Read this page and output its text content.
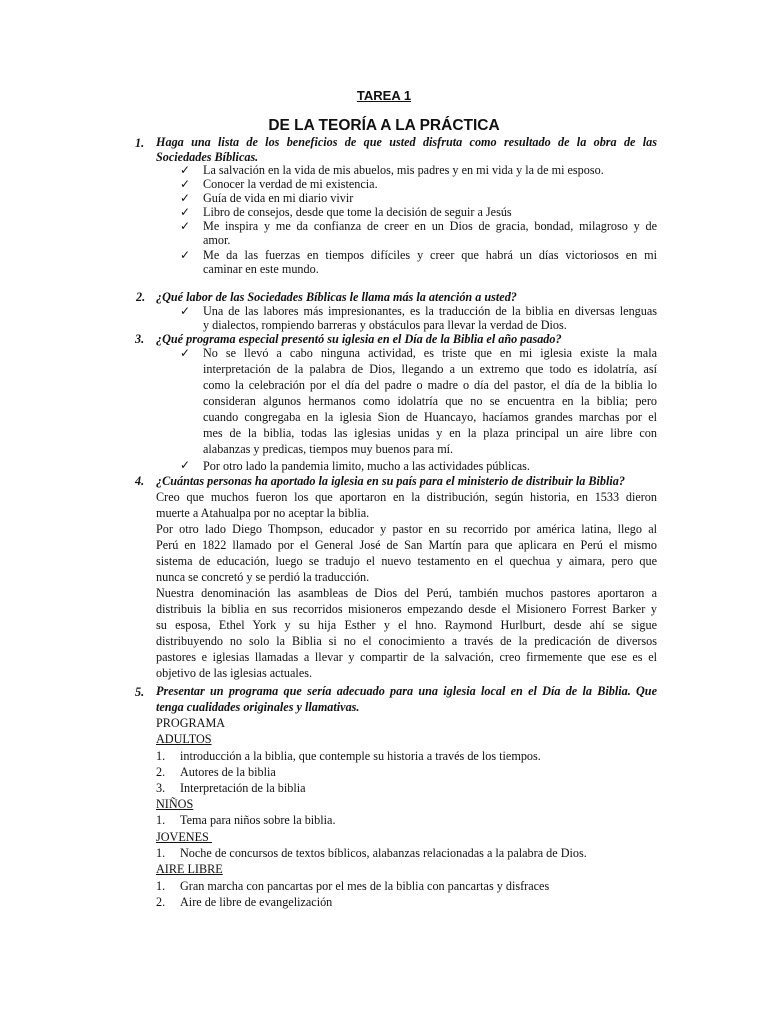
TAREA 1
DE LA TEORÍA A LA PRÁCTICA
1. Haga una lista de los beneficios de que usted disfruta como resultado de la obra de las
Sociedades Bíblicas.
✓ La salvación en la vida de mis abuelos, mis padres y en mi vida y la de mi esposo.
✓ Conocer la verdad de mi existencia.
✓ Guía de vida en mi diario vivir
✓ Libro de consejos, desde que tome la decisión de seguir a Jesús
✓ Me inspira y me da confianza de creer en un Dios de gracia, bondad, milagroso y de
amor.
✓ Me da las fuerzas en tiempos difíciles y creer que habrá un días victoriosos en mi
caminar en este mundo.
2. ¿Qué labor de las Sociedades Bíblicas le llama más la atención a usted?
✓ Una de las labores más impresionantes, es la traducción de la biblia en diversas lenguas
y dialectos, rompiendo barreras y obstáculos para llevar la verdad de Dios.
3. ¿Qué programa especial presentó su iglesia en el Día de la Biblia el año pasado?
✓ No se llevó a cabo ninguna actividad, es triste que en mi iglesia existe la mala
interpretación de la palabra de Dios, llegando a un extremo que todo es idolatría, así
como la celebración por el día del padre o madre o día del pastor, el día de la biblia lo
consideran algunos hermanos como idolatría que no se encuentra en la biblia; pero
cuando congregaba en la iglesia Sion de Huancayo, hacíamos grandes marchas por el
mes de la biblia, todas las iglesias unidas y en la plaza principal un aire libre con
alabanzas y predicas, tiempos muy buenos para mí.
✓ Por otro lado la pandemia limito, mucho a las actividades públicas.
4. ¿Cuántas personas ha aportado la iglesia en su país para el ministerio de distribuir la Biblia?
Creo que muchos fueron los que aportaron en la distribución, según historia, en 1533 dieron
muerte a Atahualpa por no aceptar la biblia.
Por otro lado Diego Thompson, educador y pastor en su recorrido por américa latina, llego al
Perú en 1822 llamado por el General José de San Martín para que aplicara en Perú el mismo
sistema de educación, luego se tradujo el nuevo testamento en el quechua y aimara, pero que
nunca se concretó y se perdió la traducción.
Nuestra denominación las asambleas de Dios del Perú, también muchos pastores aportaron a
distribuis la biblia en sus recorridos misioneros empezando desde el Misionero Forrest Barker y
su esposa, Ethel York y su hija Esther y el hno. Raymond Hurlburt, desde ahí se sigue
distribuyendo no solo la Biblia si no el conocimiento a través de la predicación de diversos
pastores e iglesias llamadas a llevar y compartir de la salvación, creo firmemente que ese es el
objetivo de las iglesias actuales.
5. Presentar un programa que sería adecuado para una iglesia local en el Día de la Biblia. Que
tenga cualidades originales y llamativas.
PROGRAMA
ADULTOS
1. introducción a la biblia, que contemple su historia a través de los tiempos.
2. Autores de la biblia
3. Interpretación de la biblia
NIÑOS
1. Tema para niños sobre la biblia.
JOVENES
1. Noche de concursos de textos bíblicos, alabanzas relacionadas a la palabra de Dios.
AIRE LIBRE
1. Gran marcha con pancartas por el mes de la biblia con pancartas y disfraces
2. Aire de libre de evangelización
